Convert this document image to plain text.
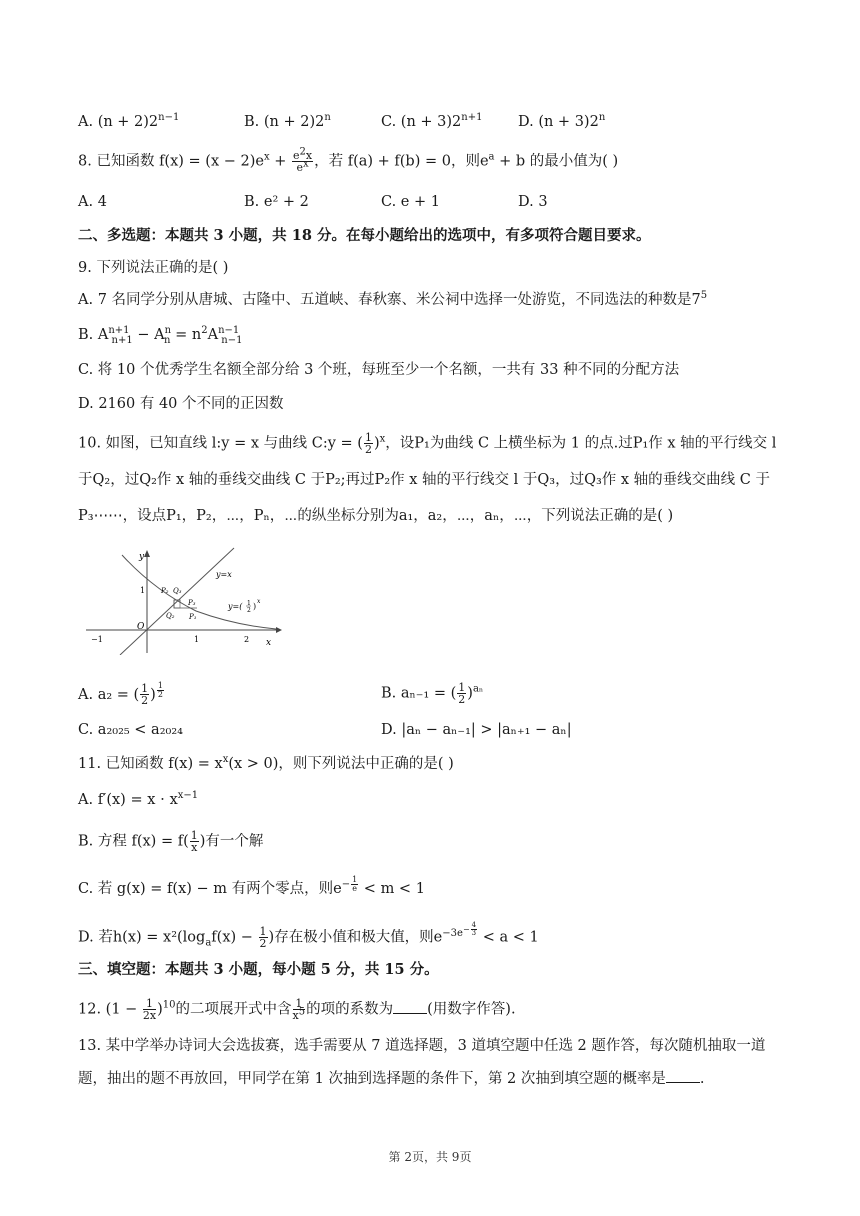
A. $(n + 2)2^{n-1}$	B. $(n + 2)2^n$	C. $(n + 3)2^{n+1}$ D. $(n + 3)2^n$
8. 已知函数 $f(x) = (x - 2)e^x + \frac{e^2x}{e^x}$ ，若 f(a) + f(b) = 0，则$e^a + b$ 的最小值为( )
A. 4	B. e² + 2	C. e + 1	D. 3
二、多选题：本题共 3 小题，共 18 分。在每小题给出的选项中，有多项符合题目要求。
9. 下列说法正确的是( )
A. 7 名同学分别从唐城、古隆中、五道峡、春秋寨、米公祠中选择一处游览，不同选法的种数是$7^5$
B. $A^{n+1}_{n+1} - A^n_n = n^2A^{n-1}_{n-1}$
C. 将 10 个优秀学生名额全部分给 3 个班，每班至少一个名额，一共有 33 种不同的分配方法
D. 2160 有 40 个不同的正因数
10. 如图，已知直线 l:y = x 与曲线 C:y = ( $\frac{1}{2} )^x$，设P₁为曲线 C 上横坐标为 1 的点.过P₁作 x 轴的平行线交 l
于Q₂，过Q₂作 x 轴的垂线交曲线 C 于P₂;再过P₂作 x 轴的平行线交 l 于Q₃，过Q₃作 x 轴的垂线交曲线 C 于
P₃⋯⋯，设点P₁，P₂，⋯，Pₙ，⋯的纵坐标分别为a₁，a₂，⋯，aₙ，⋯，下列说法正确的是( )
y
x
y=x
y=( 1
2 )
x
O
−1	1	2
1 P₂ Q₃
P₃
Q₂ P₁
A. a₂ = ( $\frac{1}{2}$ ) $^{\frac{1}{2}}$	B. aₙ₋₁ = ( $\frac{1}{2} )^{a_n}$
C. a₂₀₂₅ < a₂₀₂₄	D. |aₙ − aₙ₋₁| > |aₙ₊₁ − aₙ|
11. 已知函数 $f(x) = x^x(x > 0)$，则下列说法中正确的是( )
A. $f'(x) = x \cdot x^{x-1}$
B. 方程 $f(x) = f( \frac{1}{x}$ )有一个解
C. 若 g(x) = f(x) − m 有两个零点，则$e^{- \frac{1}{e}} < m < 1$
D. 若$h(x) = x^2(\log_af(x) - \frac{1}{2}$ )存在极小值和极大值，则$e^{-3e^{- \frac{4}{3}}}$
< a < 1
三、填空题：本题共 3 小题，每小题 5 分，共 15 分。
12. $(1 - \frac{1}{2x} )^{10}$的二项展开式中含 $\frac{1}{x^5}$ 的项的系数为 (用数字作答).
13. 某中学举办诗词大会选拔赛，选手需要从 7 道选择题，3 道填空题中任选 2 题作答，每次随机抽取一道
题，抽出的题不再放回，甲同学在第 1 次抽到选择题的条件下，第 2 次抽到填空题的概率是 .
第 2页，共 9页
